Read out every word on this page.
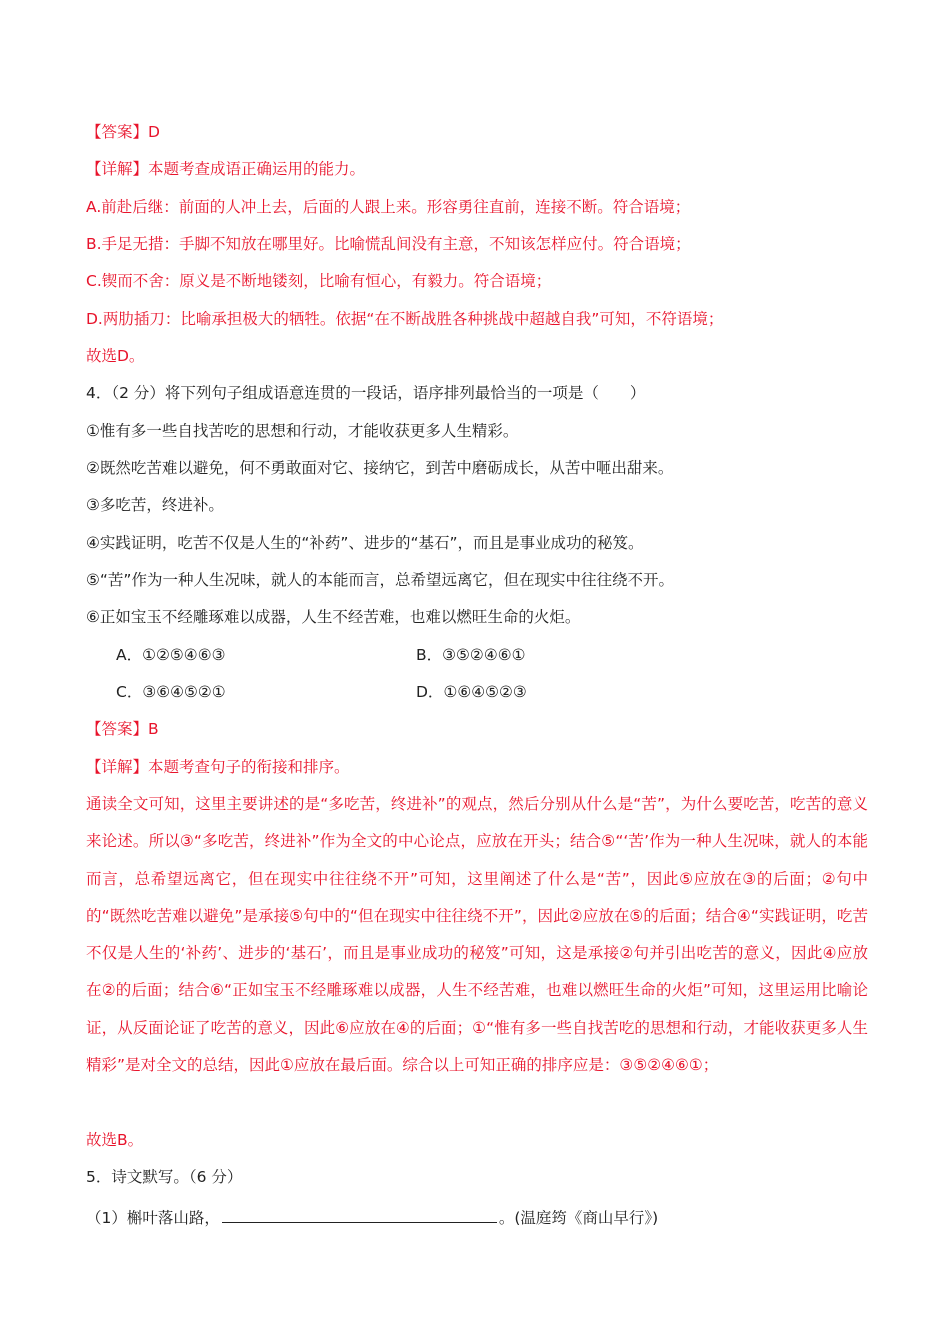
【答案】D
【详解】本题考查成语正确运用的能力。
A.前赴后继：前面的人冲上去，后面的人跟上来。形容勇往直前，连接不断。符合语境；
B.手足无措：手脚不知放在哪里好。比喻慌乱间没有主意，不知该怎样应付。符合语境；
C.锲而不舍：原义是不断地镂刻，比喻有恒心，有毅力。符合语境；
D.两肋插刀：比喻承担极大的牺牲。依据“在不断战胜各种挑战中超越自我”可知，不符语境；
故选D。
4．（2 分）将下列句子组成语意连贯的一段话，语序排列最恰当的一项是（　　）
①惟有多一些自找苦吃的思想和行动，才能收获更多人生精彩。
②既然吃苦难以避免，何不勇敢面对它、接纳它，到苦中磨砺成长，从苦中咂出甜来。
③多吃苦，终进补。
④实践证明，吃苦不仅是人生的“补药”、进步的“基石”，而且是事业成功的秘笈。
⑤“苦”作为一种人生况味，就人的本能而言，总希望远离它，但在现实中往往绕不开。
⑥正如宝玉不经雕琢难以成器，人生不经苦难，也难以燃旺生命的火炬。
A．①②⑤④⑥③	B．③⑤②④⑥①
C．③⑥④⑤②①	D．①⑥④⑤②③
【答案】B
【详解】本题考查句子的衔接和排序。
通读全文可知，这里主要讲述的是“多吃苦，终进补”的观点，然后分别从什么是“苦”，为什么要吃苦，吃苦的意义来论述。所以③“多吃苦，终进补”作为全文的中心论点，应放在开头；结合⑤“‘苦’作为一种人生况味，就人的本能而言，总希望远离它，但在现实中往往绕不开”可知，这里阐述了什么是“苦”，因此⑤应放在③的后面；②句中的“既然吃苦难以避免”是承接⑤句中的“但在现实中往往绕不开”，因此②应放在⑤的后面；结合④“实践证明，吃苦不仅是人生的‘补药’、进步的‘基石’，而且是事业成功的秘笈”可知，这是承接②句并引出吃苦的意义，因此④应放在②的后面；结合⑥“正如宝玉不经雕琢难以成器，人生不经苦难，也难以燃旺生命的火炬”可知，这里运用比喻论证，从反面论证了吃苦的意义，因此⑥应放在④的后面；①“惟有多一些自找苦吃的思想和行动，才能收获更多人生精彩”是对全文的总结，因此①应放在最后面。综合以上可知正确的排序应是：③⑤②④⑥①；
故选B。
5．诗文默写。（6 分）
（1）槲叶落山路，	。(温庭筠《商山早行》)
